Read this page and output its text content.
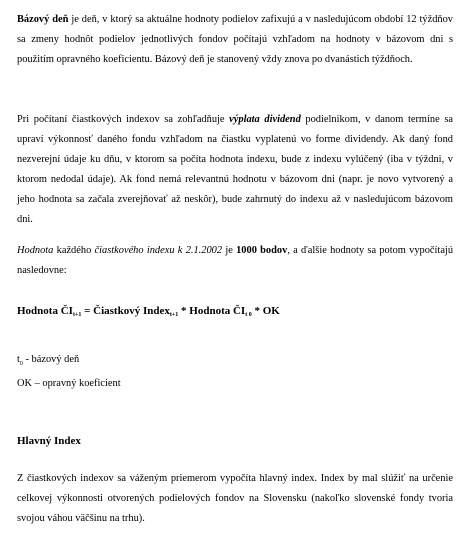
Bázový deň je deň, v ktorý sa aktuálne hodnoty podielov zafixujú a v nasledujúcom období 12 týždňov sa zmeny hodnôt podielov jednotlivých fondov počítajú vzhľadom na hodnoty v bázovom dni s použitím opravného koeficientu. Bázový deň je stanovený vždy znova po dvanástich týždňoch.

Pri počítaní čiastkových indexov sa zohľadňuje výplata dividend podielnikom, v danom termíne sa upraví výkonnosť daného fondu vzhľadom na čiastku vyplatenú vo forme dividendy. Ak daný fond nezverejní údaje ku dňu, v ktorom sa počíta hodnota indexu, bude z indexu vylúčený (iba v týždni, v ktorom nedodal údaje). Ak fond nemá relevantnú hodnotu v bázovom dni (napr. je novo vytvorený a jeho hodnota sa začala zverejňovať až neskôr), bude zahrnutý do indexu až v nasledujúcom bázovom dni.

Hodnota každého čiastkového indexu k 2.1.2002 je 1000 bodov, a ďalšie hodnoty sa potom vypočítajú nasledovne:

Hodnota $ČI_{t+1}$ = Čiastkový Index$_{t+1}$ * Hodnota $ČI_{t 0}$ * OK
$t_0$ - bázový deň
OK – opravný koeficient
Hlavný Index

Z čiastkových indexov sa váženým priemerom vypočíta hlavný index. Index by mal slúžiť na určenie celkovej výkonnosti otvorených podielových fondov na Slovensku (nakoľko slovenské fondy tvoria svojou váhou väčšinu na trhu).
